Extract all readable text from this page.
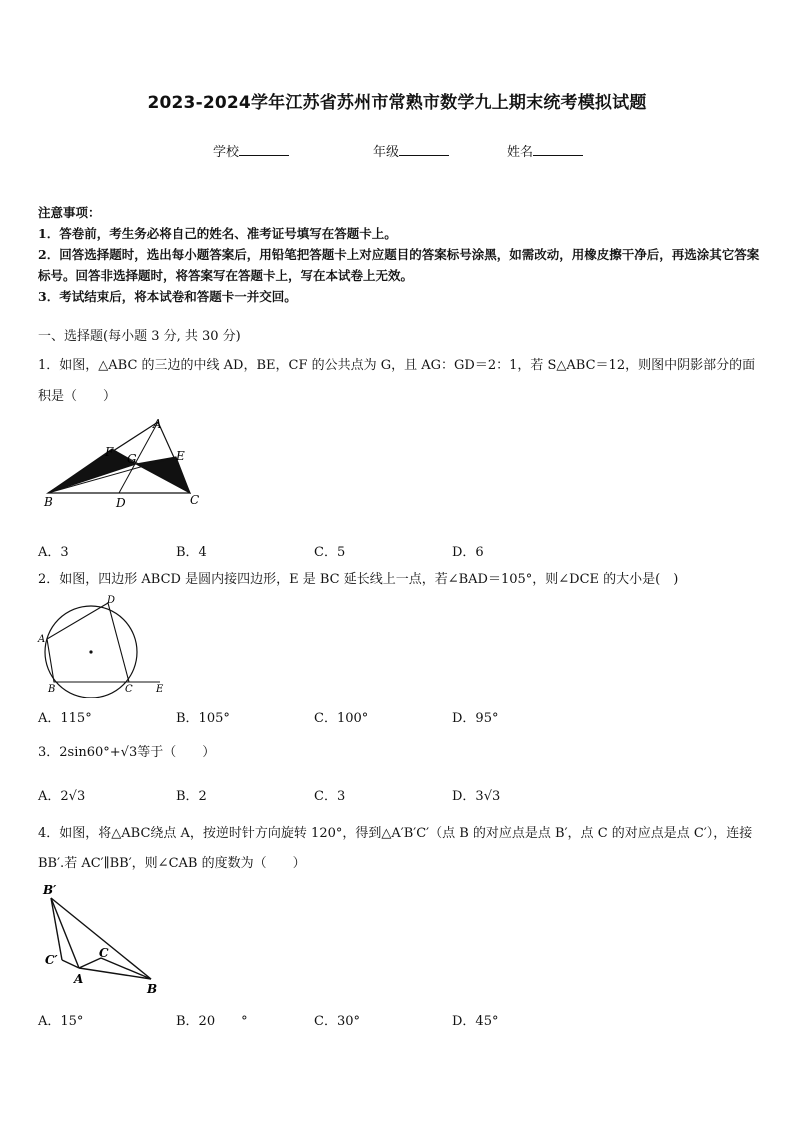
2023-2024学年江苏省苏州市常熟市数学九上期末统考模拟试题
学校	年级	姓名
注意事项：
1．答卷前，考生务必将自己的姓名、准考证号填写在答题卡上。
2．回答选择题时，选出每小题答案后，用铅笔把答题卡上对应题目的答案标号涂黑，如需改动，用橡皮擦干净后，再选涂其它答案标号。回答非选择题时，将答案写在答题卡上，写在本试卷上无效。
3．考试结束后，将本试卷和答题卡一并交回。
一、选择题(每小题 3 分, 共 30 分)
1．如图，△ABC 的三边的中线 AD，BE，CF 的公共点为 G，且 AG：GD＝2：1，若 S△ABC＝12，则图中阴影部分的面积是（　　）
A
B	C
D
E
F G
A．3	B．4	C．5	D．6
2．如图，四边形 ABCD 是圆内接四边形，E 是 BC 延长线上一点，若∠BAD＝105°，则∠DCE 的大小是(　)
A
B	C
D
E
A．115°	B．105°	C．100°	D．95°
3．2sin60°+√3等于（　　）
A．2√3	B．2	C．3	D．3√3
4．如图，将△ABC绕点 A，按逆时针方向旋转 120°，得到△A′B′C′（点 B 的对应点是点 B′，点 C 的对应点是点 C′），连接 BB′.若 AC′∥BB′，则∠CAB 的度数为（　　）
B′
C′
A
C
B
A．15°	B．20　　°	C．30°	D．45°
